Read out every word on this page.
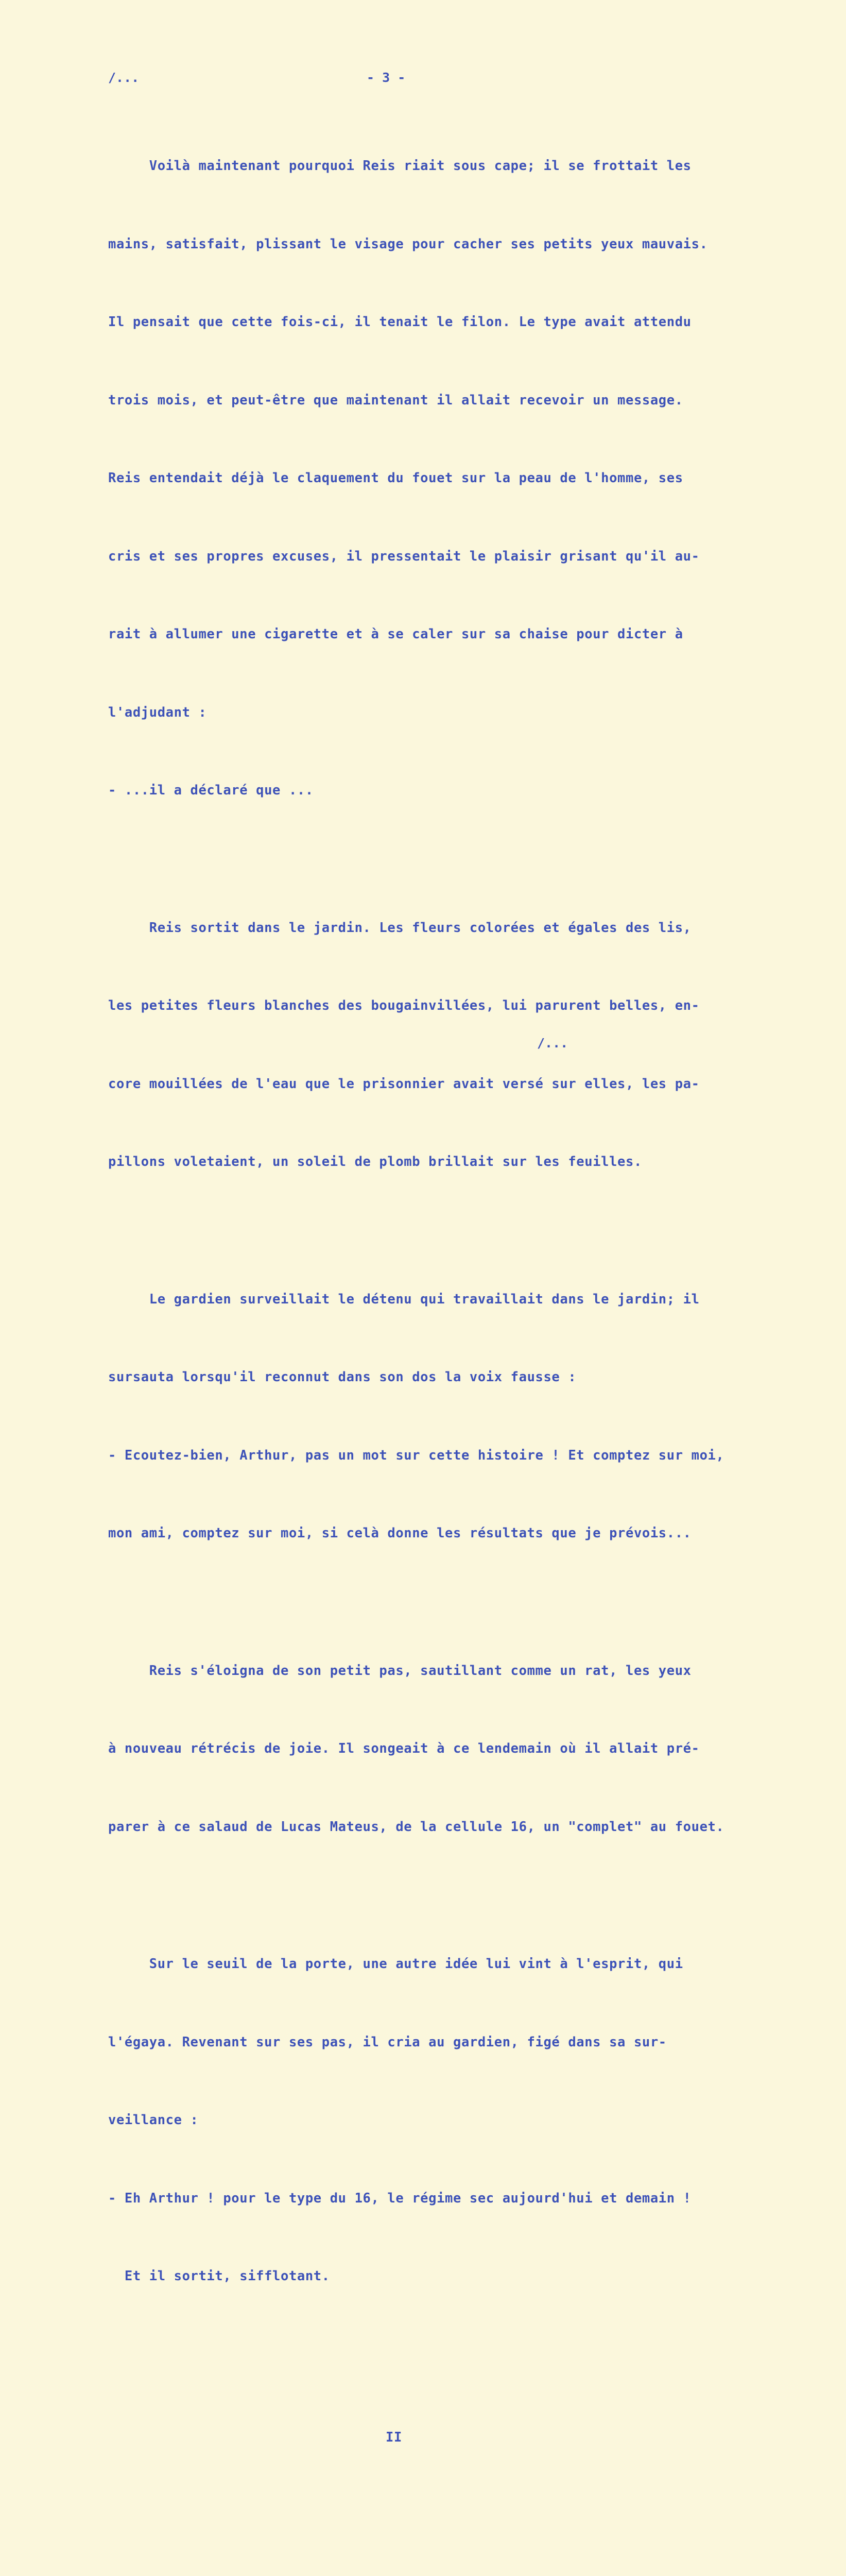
/...	- 3 -

Voilà maintenant pourquoi Reis riait sous cape; il se frottait les

mains, satisfait, plissant le visage pour cacher ses petits yeux mauvais.

Il pensait que cette fois-ci, il tenait le filon. Le type avait attendu

trois mois, et peut-être que maintenant il allait recevoir un message.

Reis entendait déjà le claquement du fouet sur la peau de l'homme, ses

cris et ses propres excuses, il pressentait le plaisir grisant qu'il au-

rait à allumer une cigarette et à se caler sur sa chaise pour dicter à

l'adjudant :

- ...il a déclaré que ...

Reis sortit dans le jardin. Les fleurs colorées et égales des lis,

les petites fleurs blanches des bougainvillées, lui parurent belles, en-

core mouillées de l'eau que le prisonnier avait versé sur elles, les pa-

pillons voletaient, un soleil de plomb brillait sur les feuilles.

Le gardien surveillait le détenu qui travaillait dans le jardin; il

sursauta lorsqu'il reconnut dans son dos la voix fausse :

- Ecoutez-bien, Arthur, pas un mot sur cette histoire ! Et comptez sur moi,

mon ami, comptez sur moi, si celà donne les résultats que je prévois...

Reis s'éloigna de son petit pas, sautillant comme un rat, les yeux

à nouveau rétrécis de joie. Il songeait à ce lendemain où il allait pré-

parer à ce salaud de Lucas Mateus, de la cellule 16, un "complet" au fouet.

Sur le seuil de la porte, une autre idée lui vint à l'esprit, qui

l'égaya. Revenant sur ses pas, il cria au gardien, figé dans sa sur-

veillance :

- Eh Arthur ! pour le type du 16, le régime sec aujourd'hui et demain !

Et il sortit, sifflotant.

II

/...
